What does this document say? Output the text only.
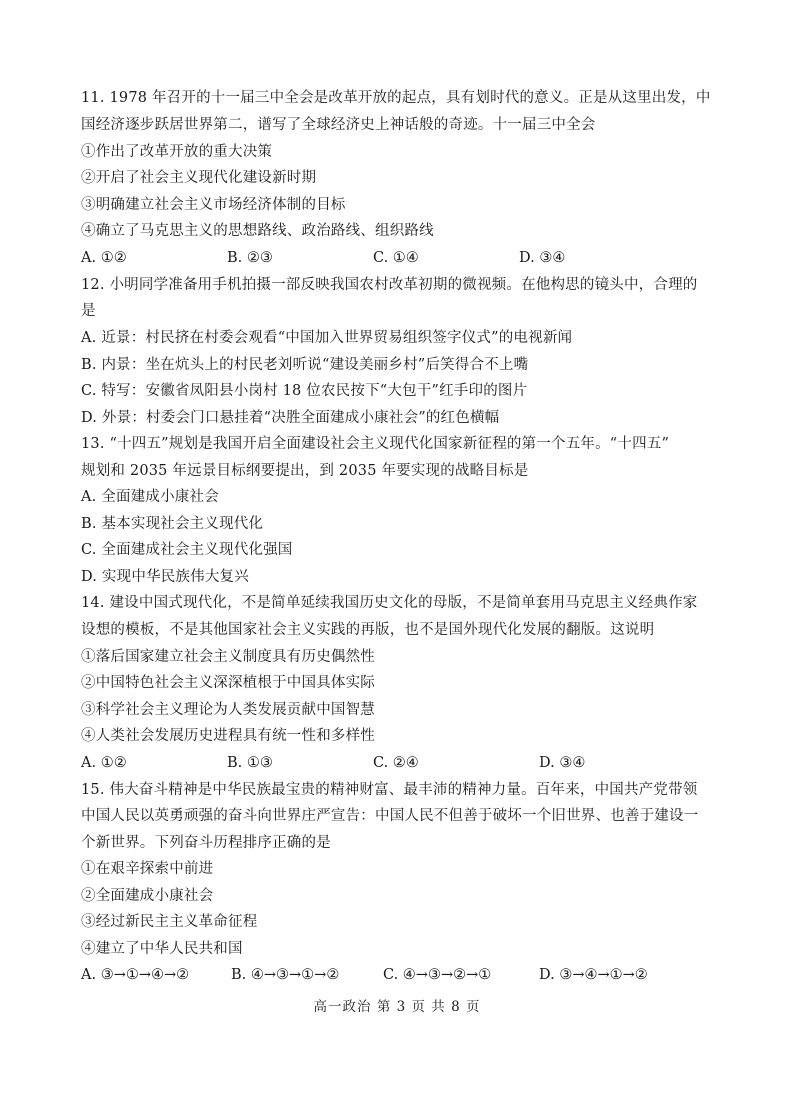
11. 1978 年召开的十一届三中全会是改革开放的起点，具有划时代的意义。正是从这里出发，中
国经济逐步跃居世界第二，谱写了全球经济史上神话般的奇迹。十一届三中全会
①作出了改革开放的重大决策
②开启了社会主义现代化建设新时期
③明确建立社会主义市场经济体制的目标
④确立了马克思主义的思想路线、政治路线、组织路线
A. ①②	B. ②③	C. ①④	D. ③④
12. 小明同学准备用手机拍摄一部反映我国农村改革初期的微视频。在他构思的镜头中，合理的
是
A. 近景：村民挤在村委会观看“中国加入世界贸易组织签字仪式”的电视新闻
B. 内景：坐在炕头上的村民老刘听说“建设美丽乡村”后笑得合不上嘴
C. 特写：安徽省凤阳县小岗村 18 位农民按下“大包干”红手印的图片
D. 外景：村委会门口悬挂着“决胜全面建成小康社会”的红色横幅
13. “十四五”规划是我国开启全面建设社会主义现代化国家新征程的第一个五年。“十四五”
规划和 2035 年远景目标纲要提出，到 2035 年要实现的战略目标是
A. 全面建成小康社会
B. 基本实现社会主义现代化
C. 全面建成社会主义现代化强国
D. 实现中华民族伟大复兴
14. 建设中国式现代化，不是简单延续我国历史文化的母版，不是简单套用马克思主义经典作家
设想的模板，不是其他国家社会主义实践的再版，也不是国外现代化发展的翻版。这说明
①落后国家建立社会主义制度具有历史偶然性
②中国特色社会主义深深植根于中国具体实际
③科学社会主义理论为人类发展贡献中国智慧
④人类社会发展历史进程具有统一性和多样性
A. ①②	B. ①③	C. ②④	D. ③④
15. 伟大奋斗精神是中华民族最宝贵的精神财富、最丰沛的精神力量。百年来，中国共产党带领
中国人民以英勇顽强的奋斗向世界庄严宣告：中国人民不但善于破坏一个旧世界、也善于建设一
个新世界。下列奋斗历程排序正确的是
①在艰辛探索中前进
②全面建成小康社会
③经过新民主主义革命征程
④建立了中华人民共和国
A. ③→①→④→②	B. ④→③→①→②	C. ④→③→②→①	D. ③→④→①→②
高一政治 第 3 页 共 8 页
